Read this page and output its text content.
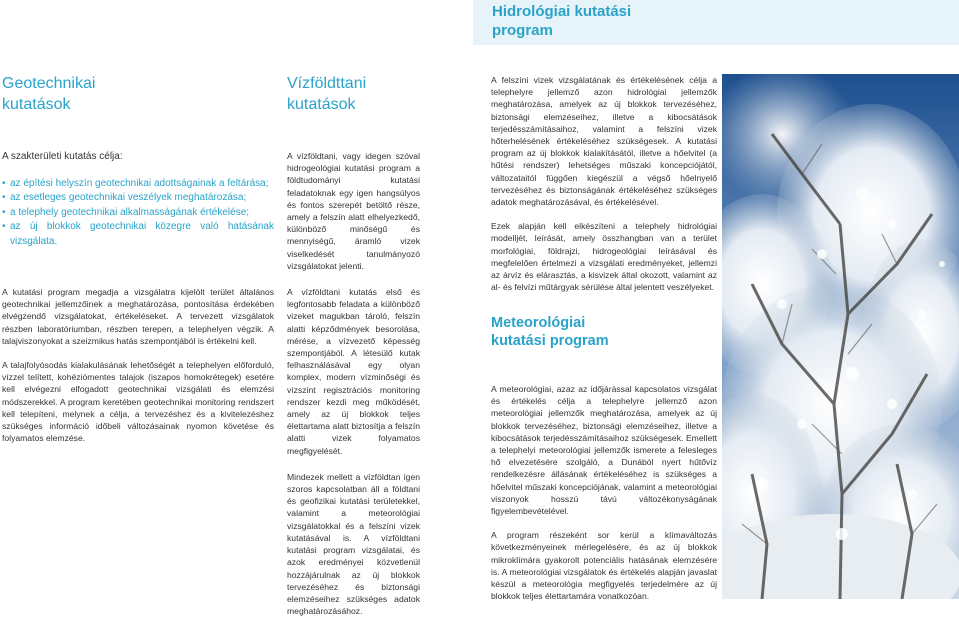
Hidrológiai kutatási
program
Geotechnikai
kutatások

A szakterületi kutatás célja:

• az építési helyszín geotechnikai adottságainak a feltárása;
• az esetleges geotechnikai veszélyek meghatározása;
• a telephely geotechnikai alkalmasságának értékelése;
• az új blokkok geotechnikai közegre való hatásának vizsgálata.

A kutatási program megadja a vizsgálatra kijelölt terület általános geotechnikai jellemzőinek a meghatározása, pontosítása érdekében elvégzendő vizsgálatokat, értékeléseket. A tervezett vizsgálatok részben laboratóriumban, részben terepen, a telephelyen végzik. A talajviszonyokat a szeizmikus hatás szempontjából is értékelni kell.

A talajfolyósodás kialakulásának lehetőségét a telephelyen előforduló, vízzel telített, kohéziómentes talajok (iszapos homokrétegek) esetére kell elvégezni elfogadott geotechnikai vizsgálati és elemzési módszerekkel. A program keretében geotechnikai monitoring rendszert kell telepíteni, melynek a célja, a tervezéshez és a kivitelezéshez szükséges információ időbeli változásainak nyomon követése és folyamatos elemzése.

Vízföldttani
kutatások

A vízföldtani, vagy idegen szóval hidrogeológiai kutatási program a földtudományi kutatási feladatoknak egy igen hangsúlyos és fontos szerepét betöltő része, amely a felszín alatt elhelyezkedő, különböző minőségű és mennyiségű, áramló vizek viselkedését tanulmányozó vizsgálatokat jelenti.

A vízföldtani kutatás első és legfontosabb feladata a különböző vizeket magukban tároló, felszín alatti képződmények besorolása, mérése, a vízvezető képesség szempontjából. A létesülő kutak felhasználásával egy olyan komplex, modern vízminőségi és vízszint regisztrációs monitoring rendszer kezdi meg működését, amely az új blokkok teljes élettartama alatt biztosítja a felszín alatti vizek folyamatos megfigyelését.

Mindezek mellett a vízföldtan igen szoros kapcsolatban áll a földtani és geofizikai kutatási területekkel, valamint a meteorológiai vizsgálatokkal és a felszíni vizek kutatásával is. A vízföldtani kutatási program vizsgálatai, és azok eredményei közvetlenül hozzájárulnak az új blokkok tervezéséhez és biztonsági elemzéseihez szükséges adatok meghatározásához.

A felszíni vizek vizsgálatának és értékelésének célja a telephelyre jellemző azon hidrológiai jellemzők meghatározása, amelyek az új blokkok tervezéséhez, biztonsági elemzéseihez, illetve a kibocsátások terjedésszámításaihoz, valamint a felszíni vizek hőterhelésének értékeléséhez szükségesek. A kutatási program az új blokkok kialakításától, illetve a hőelvitel (a hűtési rendszer) lehetséges műszaki koncepciójától, változataitól függően kiegészül a végső hőelnyelő tervezéséhez és biztonságának értékeléséhez szükséges adatok meghatározásával, és értékelésével.

Ezek alapján kell elkészíteni a telephely hidrológiai modelljét, leírását, amely összhangban van a terület morfológiai, földrajzi, hidrogeológiai leírásával és megfelelően értelmezi a vizsgálati eredményeket, jellemzi az árvíz és elárasztás, a kisvizek által okozott, valamint az al- és felvízi műtárgyak sérülése által jelentett veszélyeket.

Meteorológiai
kutatási program

A meteorológiai, azaz az időjárással kapcsolatos vizsgálat és értékelés célja a telephelyre jellemző azon meteorológiai jellemzők meghatározása, amelyek az új blokkok tervezéséhez, biztonsági elemzéseihez, illetve a kibocsátások terjedésszámításaihoz szükségesek. Emellett a telephelyi meteorológiai jellemzők ismerete a felesleges hő elvezetésére szolgáló, a Dunából nyert hűtővíz rendelkezésre állásának értékeléséhez is szükséges a hőelvitel műszaki koncepciójának, valamint a meteorológiai viszonyok hosszú távú változékonyságának figyelembevételével.

A program részeként sor kerül a klímaváltozás következményeinek mérlegelésére, és az új blokkok mikroklímára gyakorolt potenciális hatásának elemzésére is. A meteorológiai vizsgálatok és értékelés alapján javaslat készül a meteorológia megfigyelés terjedelmére az új blokkok teljes élettartamára vonatkozóan.
